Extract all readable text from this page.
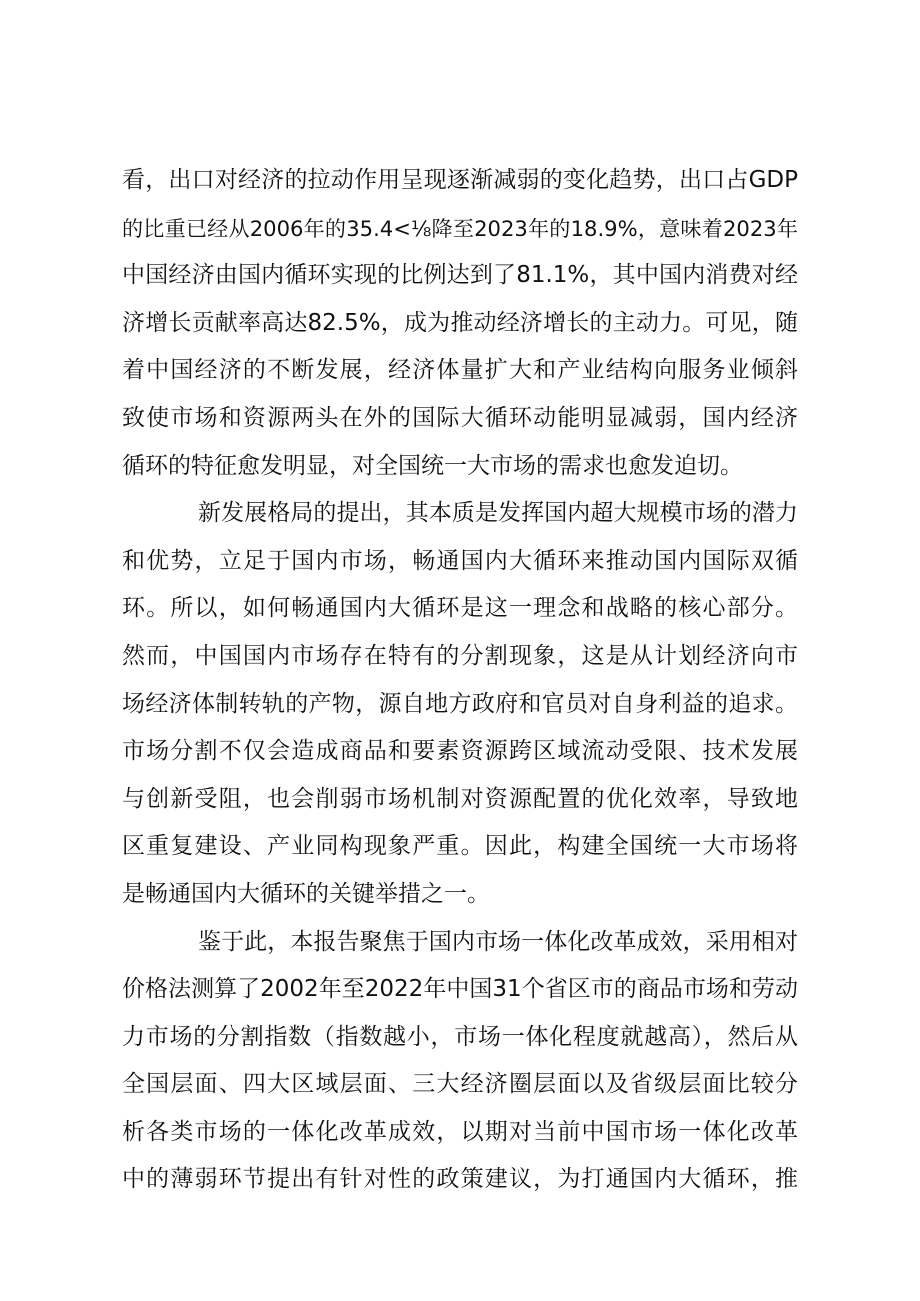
看，出口对经济的拉动作用呈现逐渐减弱的变化趋势，出口占GDP
的比重已经从2006年的35.4<⅛降至2023年的18.9%，意味着2023年
中国经济由国内循环实现的比例达到了81.1%，其中国内消费对经
济增长贡献率高达82.5%，成为推动经济增长的主动力。可见，随
着中国经济的不断发展，经济体量扩大和产业结构向服务业倾斜
致使市场和资源两头在外的国际大循环动能明显减弱，国内经济
循环的特征愈发明显，对全国统一大市场的需求也愈发迫切。
新发展格局的提出，其本质是发挥国内超大规模市场的潜力
和优势，立足于国内市场，畅通国内大循环来推动国内国际双循
环。所以，如何畅通国内大循环是这一理念和战略的核心部分。
然而，中国国内市场存在特有的分割现象，这是从计划经济向市
场经济体制转轨的产物，源自地方政府和官员对自身利益的追求。
市场分割不仅会造成商品和要素资源跨区域流动受限、技术发展
与创新受阻，也会削弱市场机制对资源配置的优化效率，导致地
区重复建设、产业同构现象严重。因此，构建全国统一大市场将
是畅通国内大循环的关键举措之一。
鉴于此，本报告聚焦于国内市场一体化改革成效，采用相对
价格法测算了2002年至2022年中国31个省区市的商品市场和劳动
力市场的分割指数（指数越小，市场一体化程度就越高），然后从
全国层面、四大区域层面、三大经济圈层面以及省级层面比较分
析各类市场的一体化改革成效，以期对当前中国市场一体化改革
中的薄弱环节提出有针对性的政策建议，为打通国内大循环，推
